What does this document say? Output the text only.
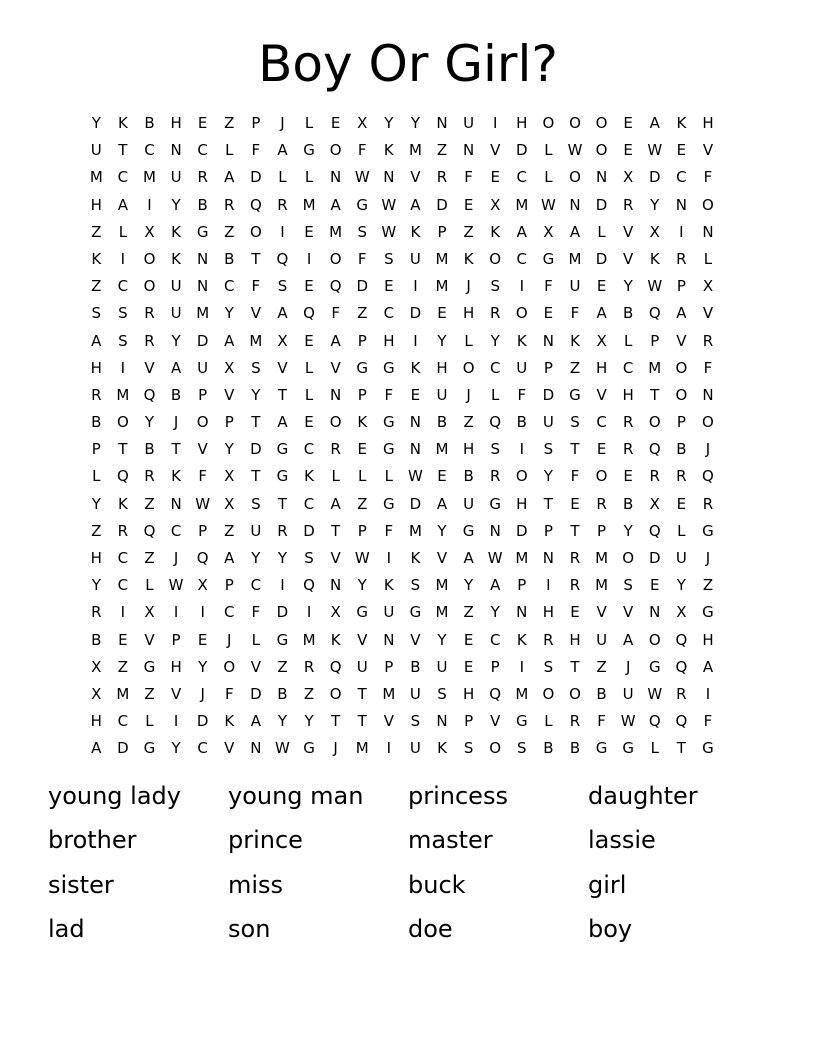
Boy Or Girl?
Y	K	B	H	E	Z	P	J	L	E	X	Y	Y	N	U	I	H	O O O	E	A	K	H
U	T	C	N	C	L	F	A	G O	F	K	M Z	N	V	D	L	W O	E W E	V
M C M U	R	A	D	L	L	N W N	V	R	F	E	C	L	O	N	X	D	C	F
H	A	I	Y	B	R	Q	R M A	G W A	D	E	X M W N	D	R	Y	N	O
Z	L	X	K	G	Z	O	I	E	M	S W K	P	Z	K	A	X	A	L	V	X	I	N
K	I	O	K	N	B	T	Q	I	O	F	S	U M	K	O	C	G M D	V	K	R	L
Z	C	O	U	N	C	F	S	E	Q D	E	I	M	J	S	I	F	U	E	Y W P	X
S	S	R	U M	Y	V	A	Q	F	Z	C	D	E	H	R	O	E	F	A	B	Q	A	V
A	S	R	Y	D	A M X	E	A	P	H	I	Y	L	Y	K	N	K	X	L	P	V	R
H	I	V	A	U	X	S	V	L	V	G G	K	H	O	C	U	P	Z	H	C M O	F
R M Q	B	P	V	Y	T	L	N	P	F	E	U	J	L	F	D	G	V	H	T	O	N
B	O	Y	J	O	P	T	A	E	O	K	G	N	B	Z	Q	B	U	S	C	R	O	P	O
P	T	B	T	V	Y	D	G	C	R	E	G	N M H	S	I	S	T	E	R	Q	B	J
L	Q	R	K	F	X	T	G	K	L	L	L	W E	B	R	O	Y	F	O	E	R	R	Q
Y	K	Z	N W X	S	T	C	A	Z	G	D	A	U	G	H	T	E	R	B	X	E	R
Z	R	Q	C	P	Z	U	R	D	T	P	F	M	Y	G	N	D	P	T	P	Y	Q	L	G
H	C	Z	J	Q	A	Y	Y	S	V W	I	K	V	A W M N	R M O D	U	J
Y	C	L	W X	P	C	I	Q	N	Y	K	S	M	Y	A	P	I	R M	S	E	Y	Z
R	I	X	I	I	C	F	D	I	X	G	U	G M Z	Y	N	H	E	V	V	N	X	G
B	E	V	P	E	J	L	G M	K	V	N	V	Y	E	C	K	R	H	U	A	O Q	H
X	Z	G	H	Y	O	V	Z	R	Q	U	P	B	U	E	P	I	S	T	Z	J	G Q	A
X M Z	V	J	F	D	B	Z	O	T	M U	S	H	Q M O O	B	U W R	I
H	C	L	I	D	K	A	Y	Y	T	T	V	S	N	P	V	G	L	R	F W Q Q	F
A	D	G	Y	C	V	N W G	J	M	I	U	K	S	O	S	B	B	G G	L	T	G
young lady	young man	princess	daughter
brother	prince	master	lassie
sister	miss	buck	girl
lad	son	doe	boy
